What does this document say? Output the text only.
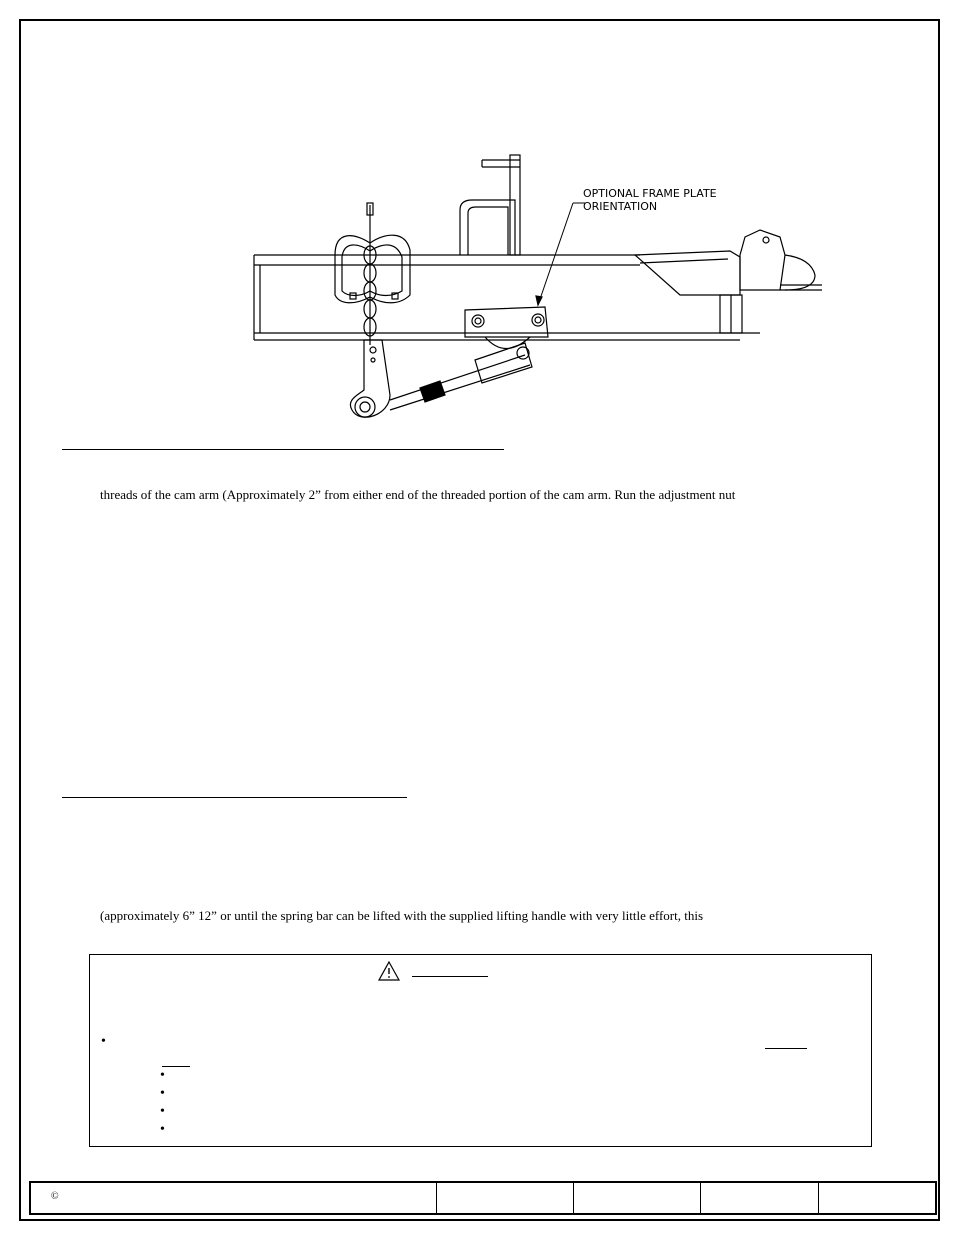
OPTIONAL FRAME PLATE
ORIENTATION
threads of the cam arm (Approximately 2” from either end of the threaded portion of the cam arm. Run the adjustment nut
(approximately 6” 12” or until the spring bar can be lifted with the supplied lifting handle with very little effort, this
•
•
•
•
•
©
